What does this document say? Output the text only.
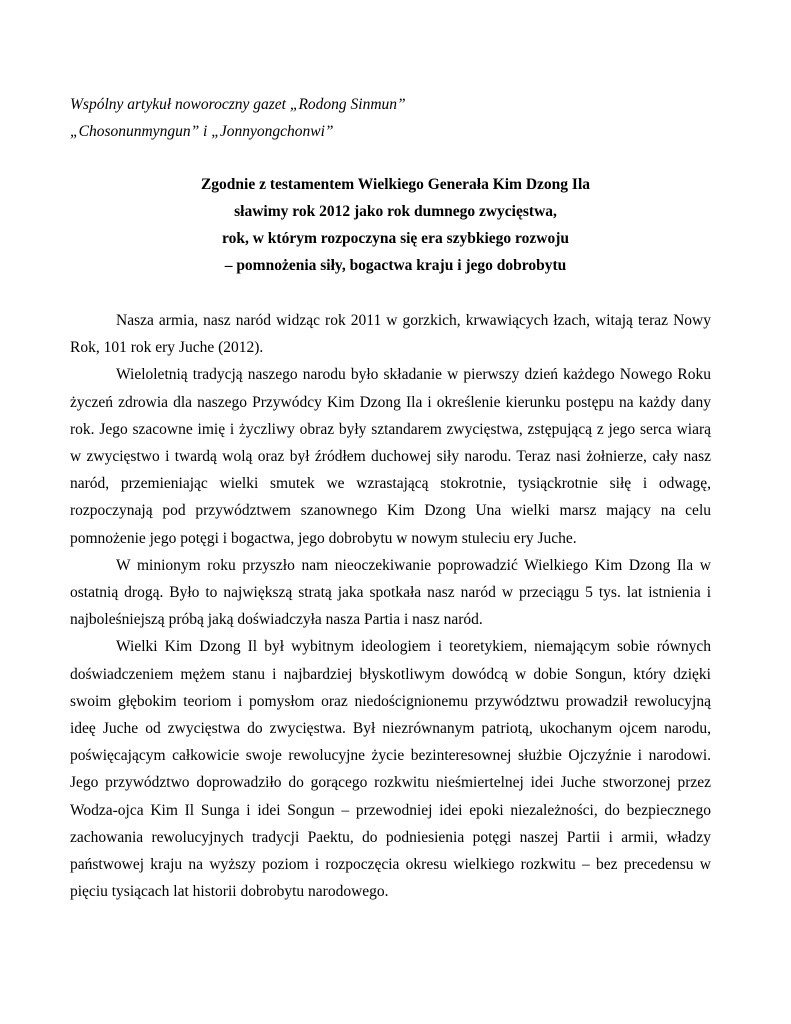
Wspólny artykuł noworoczny gazet „Rodong Sinmun”
„Chosonunmyngun” i „Jonnyongchonwi”
Zgodnie z testamentem Wielkiego Generała Kim Dzong Ila
sławimy rok 2012 jako rok dumnego zwycięstwa,
rok, w którym rozpoczyna się era szybkiego rozwoju
– pomnożenia siły, bogactwa kraju i jego dobrobytu

Nasza armia, nasz naród widząc rok 2011 w gorzkich, krwawiących łzach, witają teraz Nowy Rok, 101 rok ery Juche (2012).

Wieloletnią tradycją naszego narodu było składanie w pierwszy dzień każdego Nowego Roku życzeń zdrowia dla naszego Przywódcy Kim Dzong Ila i określenie kierunku postępu na każdy dany rok. Jego szacowne imię i życzliwy obraz były sztandarem zwycięstwa, zstępującą z jego serca wiarą w zwycięstwo i twardą wolą oraz był źródłem duchowej siły narodu. Teraz nasi żołnierze, cały nasz naród, przemieniając wielki smutek we wzrastającą stokrotnie, tysiąckrotnie siłę i odwagę, rozpoczynają pod przywództwem szanownego Kim Dzong Una wielki marsz mający na celu pomnożenie jego potęgi i bogactwa, jego dobrobytu w nowym stuleciu ery Juche.

W minionym roku przyszło nam nieoczekiwanie poprowadzić Wielkiego Kim Dzong Ila w ostatnią drogą. Było to największą stratą jaka spotkała nasz naród w przeciągu 5 tys. lat istnienia i najboleśniejszą próbą jaką doświadczyła nasza Partia i nasz naród.

Wielki Kim Dzong Il był wybitnym ideologiem i teoretykiem, niemającym sobie równych doświadczeniem mężem stanu i najbardziej błyskotliwym dowódcą w dobie Songun, który dzięki swoim głębokim teoriom i pomysłom oraz niedoścignionemu przywództwu prowadził rewolucyjną ideę Juche od zwycięstwa do zwycięstwa. Był niezrównanym patriotą, ukochanym ojcem narodu, poświęcającym całkowicie swoje rewolucyjne życie bezinteresownej służbie Ojczyźnie i narodowi. Jego przywództwo doprowadziło do gorącego rozkwitu nieśmiertelnej idei Juche stworzonej przez Wodza-ojca Kim Il Sunga i idei Songun – przewodniej idei epoki niezależności, do bezpiecznego zachowania rewolucyjnych tradycji Paektu, do podniesienia potęgi naszej Partii i armii, władzy państwowej kraju na wyższy poziom i rozpoczęcia okresu wielkiego rozkwitu – bez precedensu w pięciu tysiącach lat historii dobrobytu narodowego.
